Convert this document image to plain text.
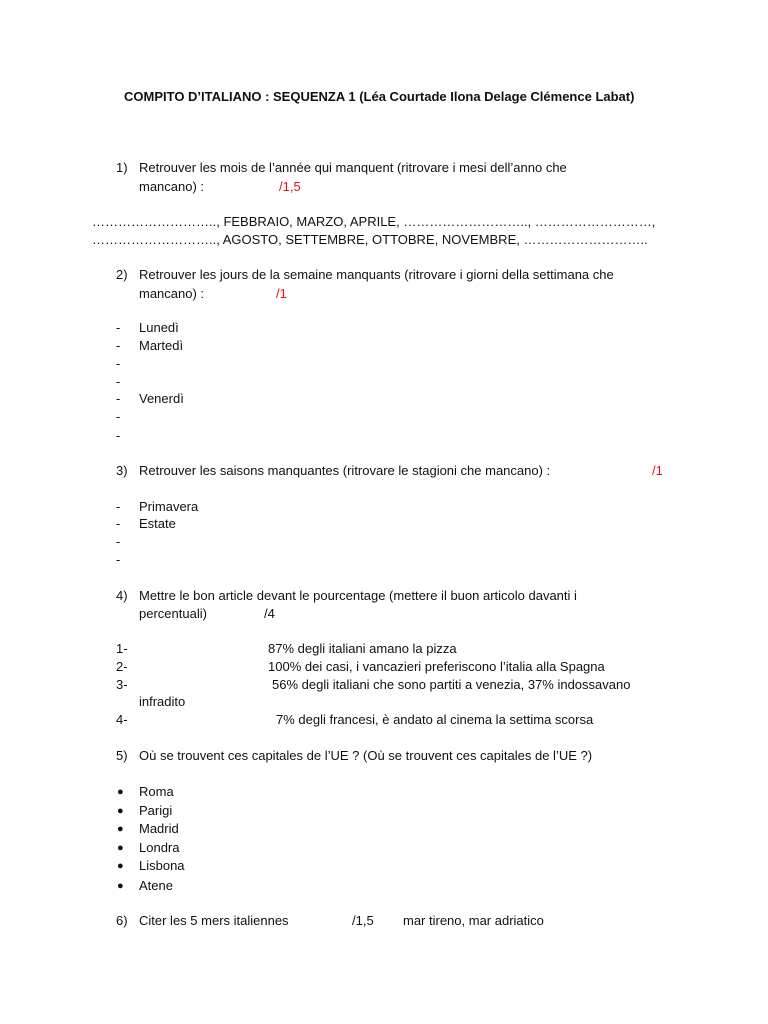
COMPITO D’ITALIANO : SEQUENZA 1 (Léa Courtade Ilona Delage Clémence Labat)
1) Retrouver les mois de l’année qui manquent (ritrovare i mesi dell’anno che
mancano) :	/1,5
……………………….., FEBBRAIO, MARZO, APRILE, ……………………….., ………………………,
……………………….., AGOSTO, SETTEMBRE, OTTOBRE, NOVEMBRE, ………………………..
2) Retrouver les jours de la semaine manquants (ritrovare i giorni della settimana che
mancano) :	/1
- Lunedì
- Martedì
-
-
- Venerdì
-
-
3) Retrouver les saisons manquantes (ritrovare le stagioni che mancano) :	/1
- Primavera
- Estate
-
-
4) Mettre le bon article devant le pourcentage (mettere il buon articolo davanti i
percentuali)	/4
1-	87% degli italiani amano la pizza
2-	100% dei casi, i vancazieri preferiscono l’italia alla Spagna
3-	56% degli italiani che sono partiti a venezia, 37% indossavano
infradito
4-	7% degli francesi, è andato al cinema la settima scorsa
5) Où se trouvent ces capitales de l’UE ? (Où se trouvent ces capitales de l’UE ?)
● Roma
● Parigi
● Madrid
● Londra
● Lisbona
● Atene
6) Citer les 5 mers italiennes	/1,5 mar tireno, mar adriatico
